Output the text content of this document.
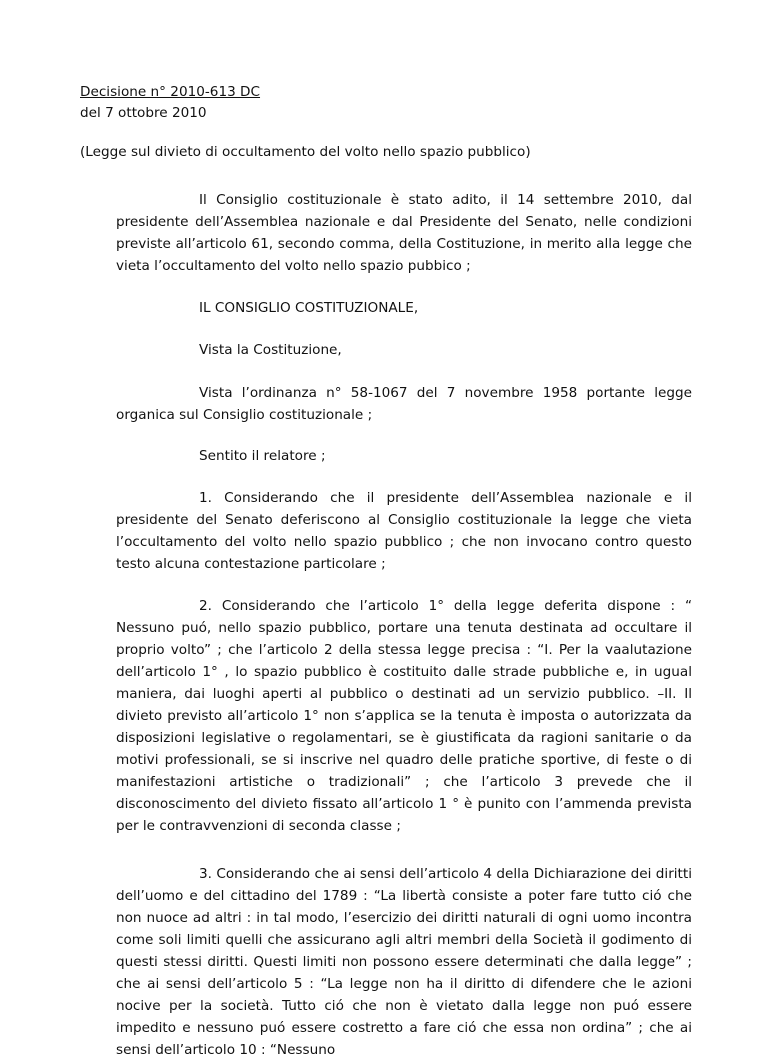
Decisione n° 2010-613 DC
del 7 ottobre 2010
(Legge sul divieto di occultamento del volto nello spazio pubblico)

Il Consiglio costituzionale è stato adito, il 14 settembre 2010, dal presidente dell’Assemblea nazionale e dal Presidente del Senato, nelle condizioni previste all’articolo 61, secondo comma, della Costituzione, in merito alla legge che vieta l’occultamento del volto nello spazio pubbico ;

IL CONSIGLIO COSTITUZIONALE,

Vista la Costituzione,

Vista l’ordinanza n° 58-1067 del 7 novembre 1958 portante legge organica sul Consiglio costituzionale ;

Sentito il relatore ;

1. Considerando che il presidente dell’Assemblea nazionale e il presidente del Senato deferiscono al Consiglio costituzionale la legge che vieta l’occultamento del volto nello spazio pubblico ; che non invocano contro questo testo alcuna contestazione particolare ;

2. Considerando che l’articolo 1° della legge deferita dispone : “ Nessuno puó, nello spazio pubblico, portare una tenuta destinata ad occultare il proprio volto” ; che l’articolo 2 della stessa legge precisa : “I. Per la vaalutazione dell’articolo 1° , lo spazio pubblico è costituito dalle strade pubbliche e, in ugual maniera, dai luoghi aperti al pubblico o destinati ad un servizio pubblico. –II. Il divieto previsto all’articolo 1° non s’applica se la tenuta è imposta o autorizzata da disposizioni legislative o regolamentari, se è giustificata da ragioni sanitarie o da motivi professionali, se si inscrive nel quadro delle pratiche sportive, di feste o di manifestazioni artistiche o tradizionali” ; che l’articolo 3 prevede che il disconoscimento del divieto fissato all’articolo 1 ° è punito con l’ammenda prevista per le contravvenzioni di seconda classe ;

3. Considerando che ai sensi dell’articolo 4 della Dichiarazione dei diritti dell’uomo e del cittadino del 1789 : “La libertà consiste a poter fare tutto ció che non nuoce ad altri : in tal modo, l’esercizio dei diritti naturali di ogni uomo incontra come soli limiti quelli che assicurano agli altri membri della Società il godimento di questi stessi diritti. Questi limiti non possono essere determinati che dalla legge” ; che ai sensi dell’articolo 5 : “La legge non ha il diritto di difendere che le azioni nocive per la società. Tutto ció che non è vietato dalla legge non puó essere impedito e nessuno puó essere costretto a fare ció che essa non ordina” ; che ai sensi dell’articolo 10 : “Nessuno
